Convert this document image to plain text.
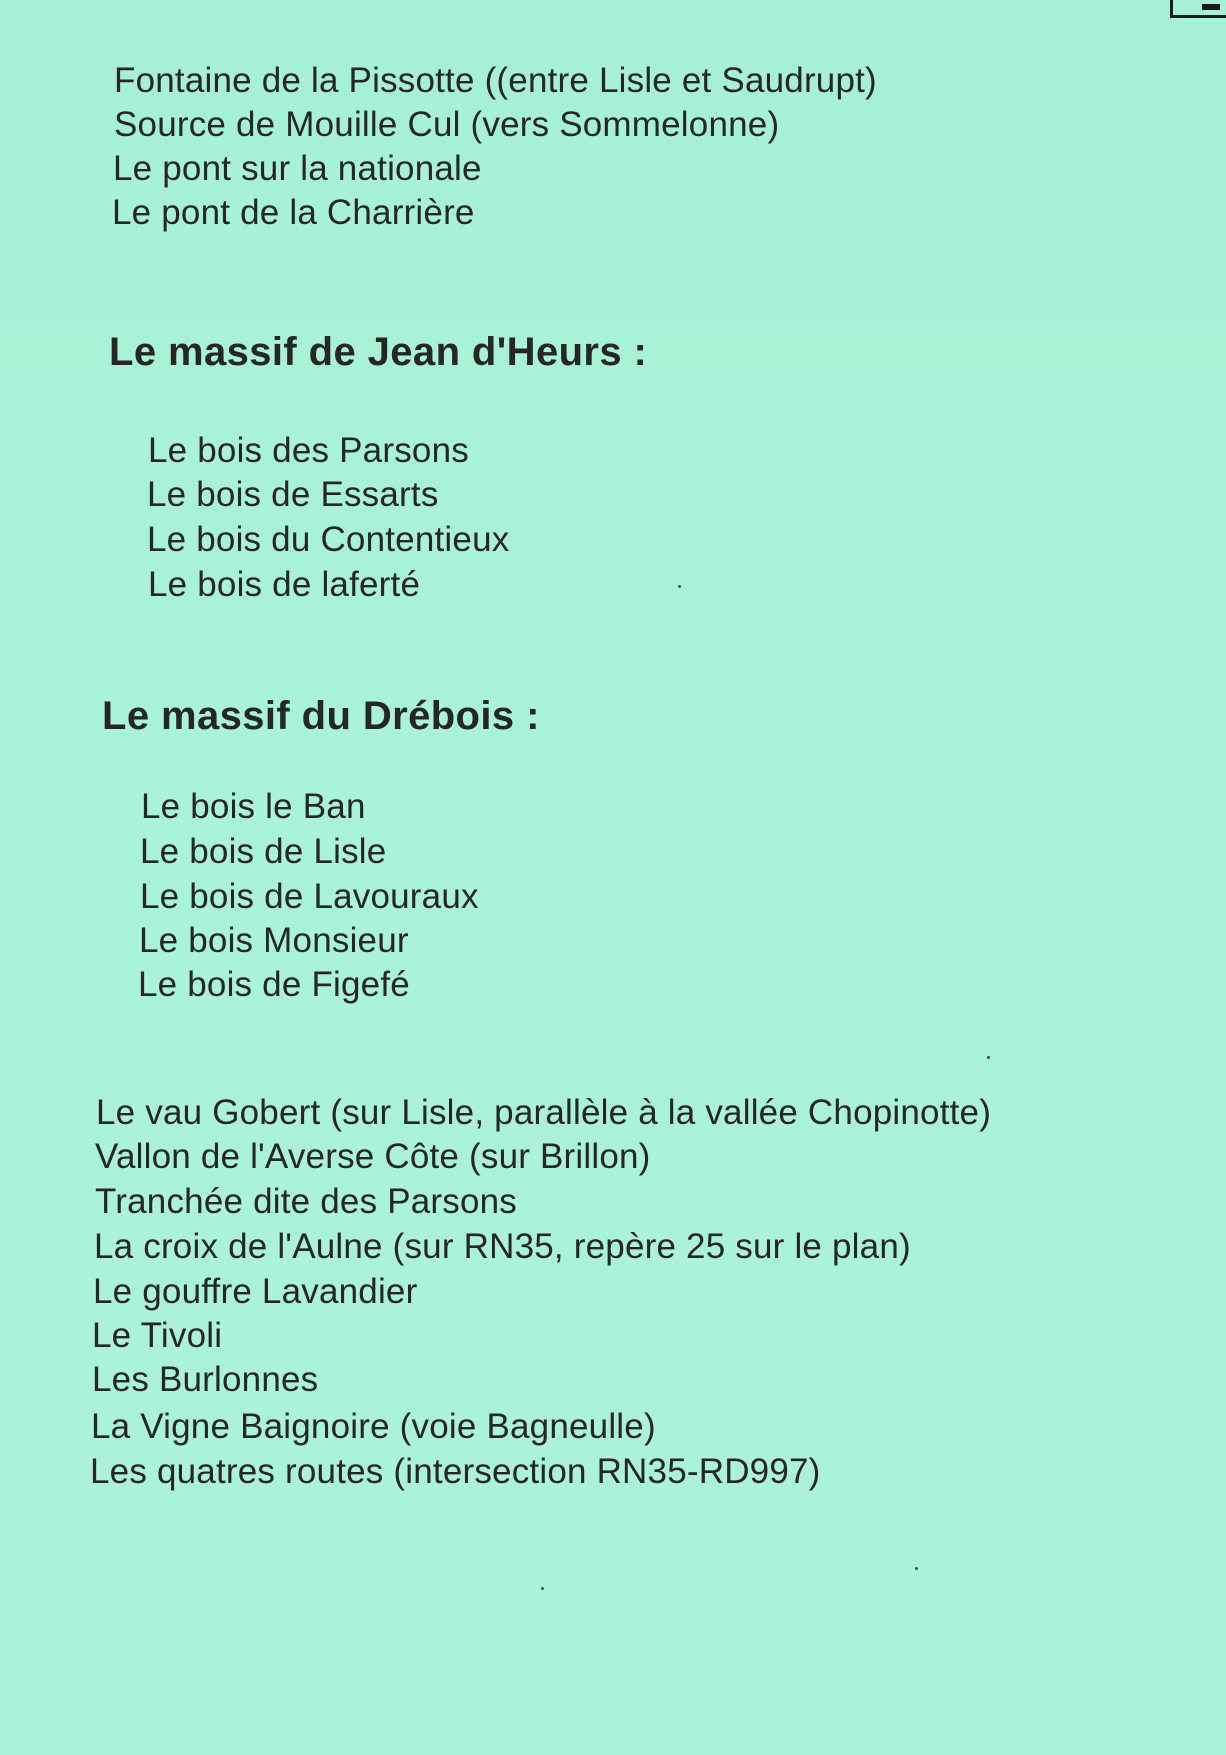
Fontaine de la Pissotte ((entre Lisle et Saudrupt)
Source de Mouille Cul (vers Sommelonne)
Le pont sur la nationale
Le pont de la Charrière
Le massif de Jean d'Heurs :
Le bois des Parsons
Le bois de Essarts
Le bois du Contentieux
Le bois de laferté
Le massif du Drébois :
Le bois le Ban
Le bois de Lisle
Le bois de Lavouraux
Le bois Monsieur
Le bois de Figefé
Le vau Gobert (sur Lisle, parallèle à la vallée Chopinotte)
Vallon de l'Averse Côte (sur Brillon)
Tranchée dite des Parsons
La croix de l'Aulne (sur RN35, repère 25 sur le plan)
Le gouffre Lavandier
Le Tivoli
Les Burlonnes
La Vigne Baignoire (voie Bagneulle)
Les quatres routes (intersection RN35-RD997)
